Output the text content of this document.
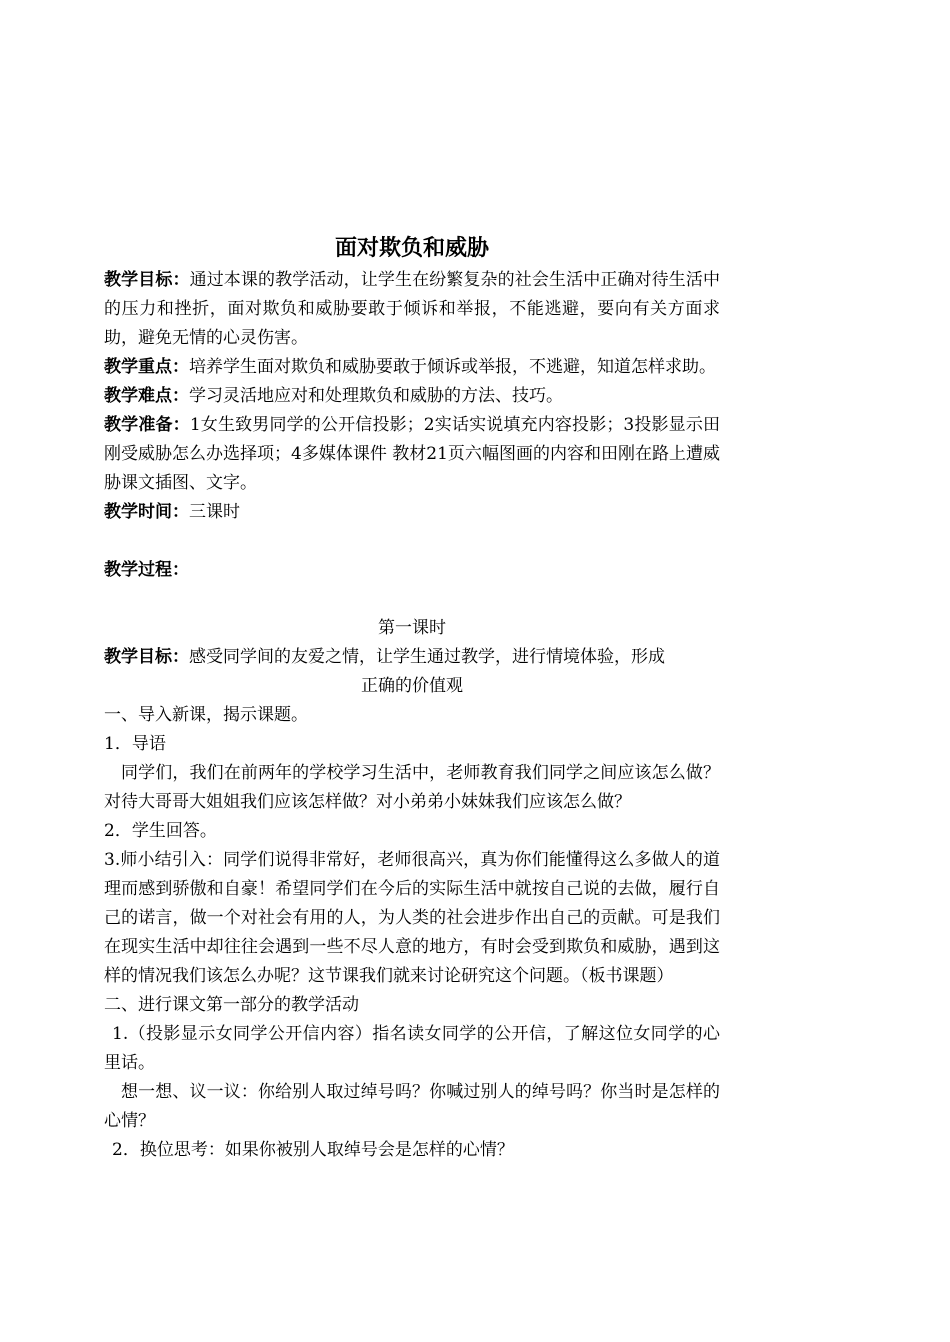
面对欺负和威胁

教学目标：通过本课的教学活动，让学生在纷繁复杂的社会生活中正确对待生活中的压力和挫折，面对欺负和威胁要敢于倾诉和举报，不能逃避，要向有关方面求助，避免无情的心灵伤害。

教学重点：培养学生面对欺负和威胁要敢于倾诉或举报，不逃避，知道怎样求助。

教学难点：学习灵活地应对和处理欺负和威胁的方法、技巧。

教学准备：1女生致男同学的公开信投影；2实话实说填充内容投影；3投影显示田刚受威胁怎么办选择项；4多媒体课件 教材21页六幅图画的内容和田刚在路上遭威胁课文插图、文字。

教学时间：三课时

教学过程：

第一课时

教学目标：感受同学间的友爱之情，让学生通过教学，进行情境体验，形成

正确的价值观

一、导入新课，揭示课题。

1．导语

同学们，我们在前两年的学校学习生活中，老师教育我们同学之间应该怎么做？对待大哥哥大姐姐我们应该怎样做？对小弟弟小妹妹我们应该怎么做？

2．学生回答。

3.师小结引入：同学们说得非常好，老师很高兴，真为你们能懂得这么多做人的道理而感到骄傲和自豪！希望同学们在今后的实际生活中就按自己说的去做，履行自己的诺言，做一个对社会有用的人，为人类的社会进步作出自己的贡献。可是我们在现实生活中却往往会遇到一些不尽人意的地方，有时会受到欺负和威胁，遇到这样的情况我们该怎么办呢？这节课我们就来讨论研究这个问题。（板书课题）

二、进行课文第一部分的教学活动

1.（投影显示女同学公开信内容）指名读女同学的公开信，了解这位女同学的心里话。

想一想、议一议：你给别人取过绰号吗？你喊过别人的绰号吗？你当时是怎样的心情？

2．换位思考：如果你被别人取绰号会是怎样的心情？
